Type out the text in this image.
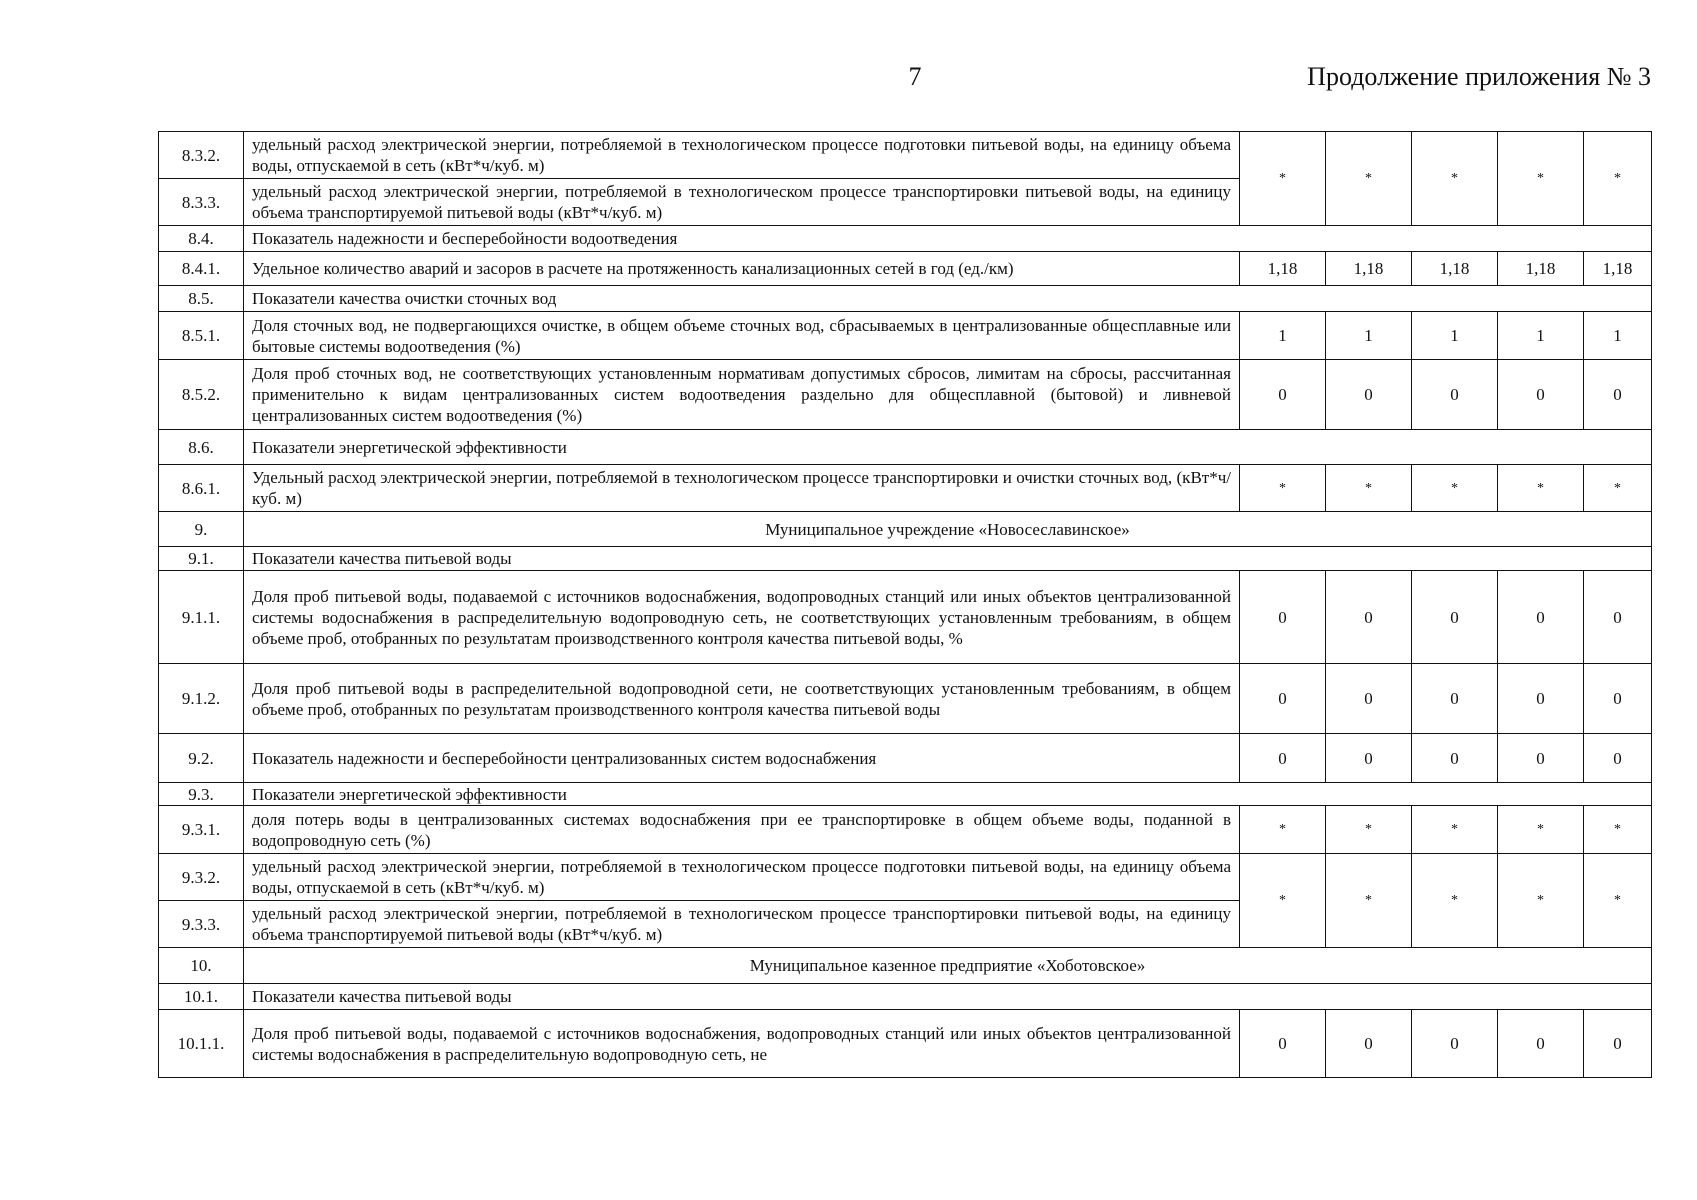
7	Продолжение приложения № 3
8.3.2.	удельный расход электрической энергии, потребляемой в технологическом процессе подготовки питьевой воды, на единицу объема воды, отпускаемой в сеть (кВт*ч/куб. м)	*	*	*	*	*
8.3.3.	удельный расход электрической энергии, потребляемой в технологическом процессе транспортировки питьевой воды, на единицу объема транспортируемой питьевой воды (кВт*ч/куб. м)					
8.4.	Показатель надежности и бесперебойности водоотведения					
8.4.1.	Удельное количество аварий и засоров в расчете на протяженность канализационных сетей в год (ед./км)	1,18	1,18	1,18	1,18	1,18
8.5.	Показатели качества очистки сточных вод					
8.5.1.	Доля сточных вод, не подвергающихся очистке, в общем объеме сточных вод, сбрасываемых в централизованные общесплавные или бытовые системы водоотведения (%)	1	1	1	1	1
8.5.2.	Доля проб сточных вод, не соответствующих установленным нормативам допустимых сбросов, лимитам на сбросы, рассчитанная применительно к видам централизованных систем водоотведения раздельно для общесплавной (бытовой) и ливневой централизованных систем водоотведения (%)	0	0	0	0	0
8.6.	Показатели энергетической эффективности					
8.6.1.	Удельный расход электрической энергии, потребляемой в технологическом процессе транспортировки и очистки сточных вод, (кВт*ч/куб. м)	*	*	*	*	*
9.	Муниципальное учреждение «Новосеславинское»					
9.1.	Показатели качества питьевой воды					
9.1.1.	Доля проб питьевой воды, подаваемой с источников водоснабжения, водопроводных станций или иных объектов централизованной системы водоснабжения в распределительную водопроводную сеть, не соответствующих установленным требованиям, в общем объеме проб, отобранных по результатам производственного контроля качества питьевой воды, %	0	0	0	0	0
9.1.2.	Доля проб питьевой воды в распределительной водопроводной сети, не соответствующих установленным требованиям, в общем объеме проб, отобранных по результатам производственного контроля качества питьевой воды	0	0	0	0	0
9.2.	Показатель надежности и бесперебойности централизованных систем водоснабжения	0	0	0	0	0
9.3.	Показатели энергетической эффективности					
9.3.1.	доля потерь воды в централизованных системах водоснабжения при ее транспортировке в общем объеме воды, поданной в водопроводную сеть (%)	*	*	*	*	*
9.3.2.	удельный расход электрической энергии, потребляемой в технологическом процессе подготовки питьевой воды, на единицу объема воды, отпускаемой в сеть (кВт*ч/куб. м)	*	*	*	*	*
9.3.3.	удельный расход электрической энергии, потребляемой в технологическом процессе транспортировки питьевой воды, на единицу объема транспортируемой питьевой воды (кВт*ч/куб. м)					
10.	Муниципальное казенное предприятие «Хоботовское»					
10.1.	Показатели качества питьевой воды					
10.1.1.	Доля проб питьевой воды, подаваемой с источников водоснабжения, водопроводных станций или иных объектов централизованной системы водоснабжения в распределительную водопроводную сеть, не	0	0	0	0	0
